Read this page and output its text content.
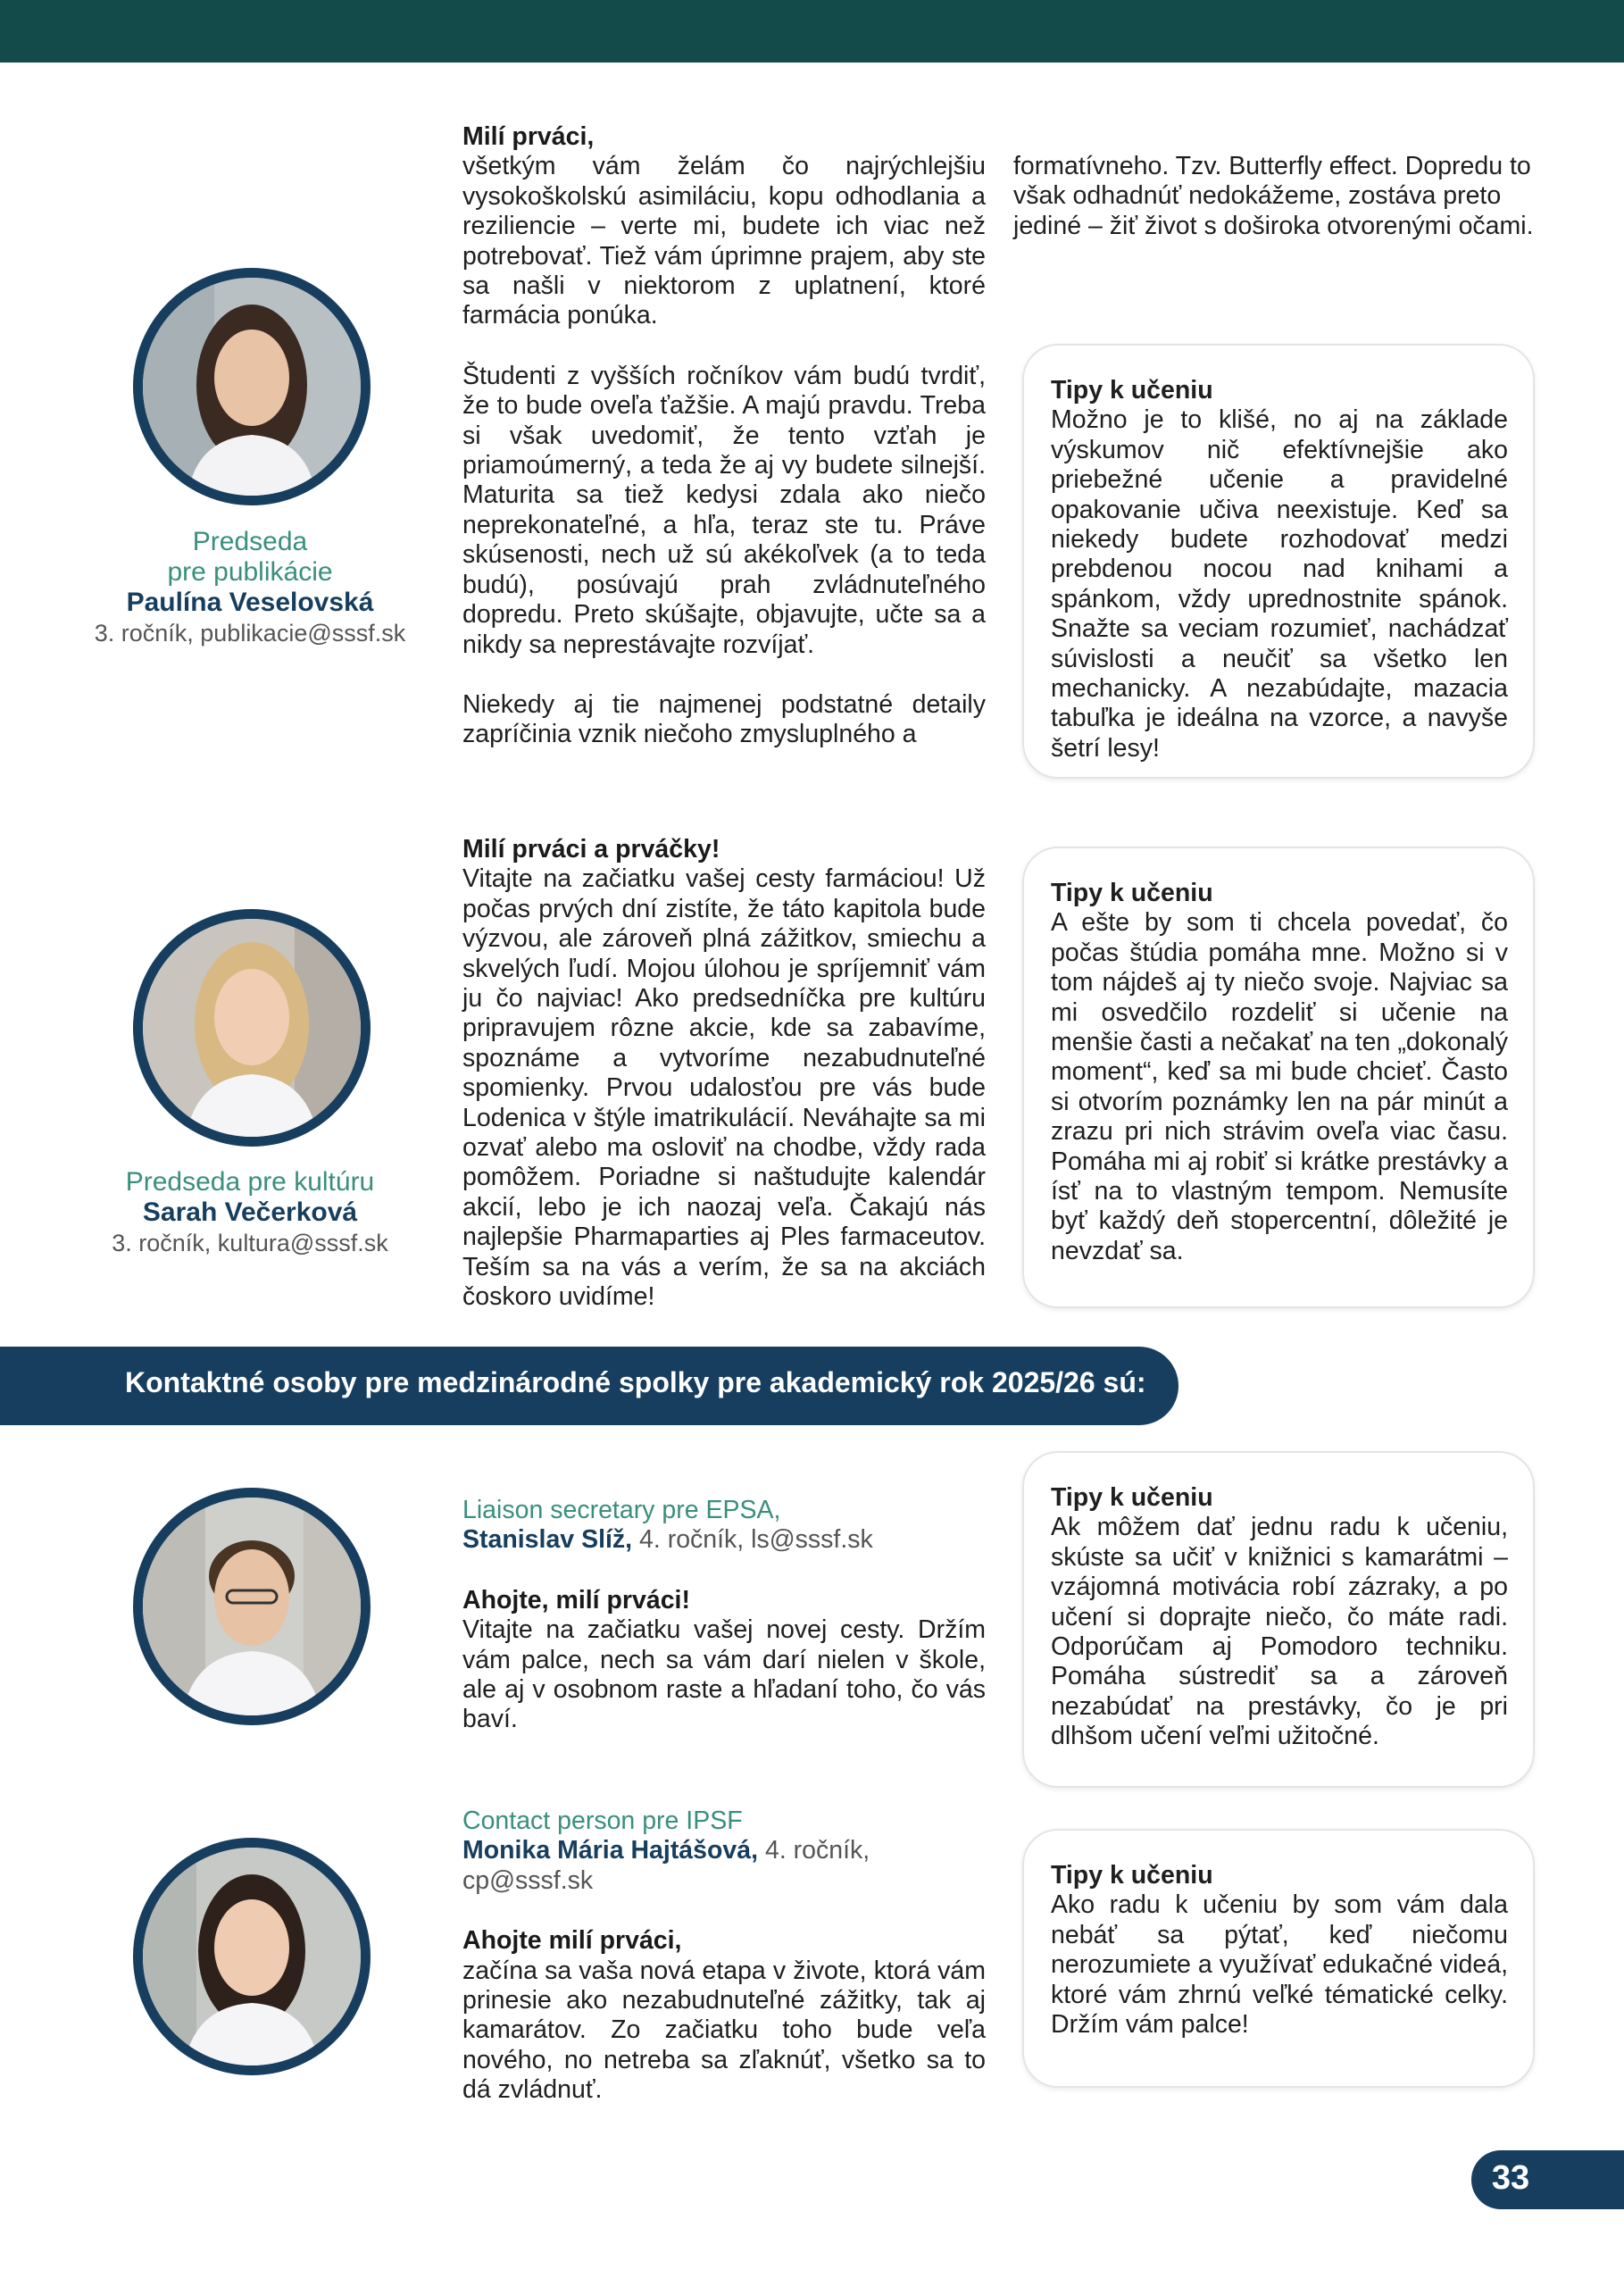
Predseda
pre publikácie
Paulína Veselovská
3. ročník, publikacie@sssf.sk

Milí prváci,

všetkým vám želám čo najrýchlejšiu vysokoškolskú asimiláciu, kopu odhodlania a reziliencie – verte mi, budete ich viac než potrebovať. Tiež vám úprimne prajem, aby ste sa našli v niektorom z uplatnení, ktoré farmácia ponúka.

Študenti z vyšších ročníkov vám budú tvrdiť, že to bude oveľa ťažšie. A majú pravdu. Treba si však uvedomiť, že tento vzťah je priamoúmerný, a teda že aj vy budete silnejší. Maturita sa tiež kedysi zdala ako niečo neprekonateľné, a hľa, teraz ste tu. Práve skúsenosti, nech už sú akékoľvek (a to teda budú), posúvajú prah zvládnuteľného dopredu. Preto skúšajte, objavujte, učte sa a nikdy sa neprestávajte rozvíjať.

Niekedy aj tie najmenej podstatné detaily zapríčinia vznik niečoho zmysluplného a

formatívneho. Tzv. Butterfly effect. Dopredu to však odhadnúť nedokážeme, zostáva preto jediné – žiť život s doširoka otvorenými očami.

Tipy k učeniu
Možno je to klišé, no aj na základe výskumov nič efektívnejšie ako priebežné učenie a pravidelné opakovanie učiva neexistuje. Keď sa niekedy budete rozhodovať medzi prebdenou nocou nad knihami a spánkom, vždy uprednostnite spánok. Snažte sa veciam rozumieť, nachádzať súvislosti a neučiť sa všetko len mechanicky. A nezabúdajte, mazacia tabuľka je ideálna na vzorce, a navyše šetrí lesy!
Predseda pre kultúru
Sarah Večerková
3. ročník, kultura@sssf.sk

Milí prváci a prváčky!

Vitajte na začiatku vašej cesty farmáciou! Už počas prvých dní zistíte, že táto kapitola bude výzvou, ale zároveň plná zážitkov, smiechu a skvelých ľudí. Mojou úlohou je spríjemniť vám ju čo najviac! Ako predsedníčka pre kultúru pripravujem rôzne akcie, kde sa zabavíme, spoznáme a vytvoríme nezabudnuteľné spomienky. Prvou udalosťou pre vás bude Lodenica v štýle imatrikulácií. Neváhajte sa mi ozvať alebo ma osloviť na chodbe, vždy rada pomôžem. Poriadne si naštudujte kalendár akcií, lebo je ich naozaj veľa. Čakajú nás najlepšie Pharmaparties aj Ples farmaceutov. Teším sa na vás a verím, že sa na akciách čoskoro uvidíme!

Tipy k učeniu
A ešte by som ti chcela povedať, čo počas štúdia pomáha mne. Možno si v tom nájdeš aj ty niečo svoje. Najviac sa mi osvedčilo rozdeliť si učenie na menšie časti a nečakať na ten „dokonalý moment“, keď sa mi bude chcieť. Často si otvorím poznámky len na pár minút a zrazu pri nich strávim oveľa viac času. Pomáha mi aj robiť si krátke prestávky a ísť na to vlastným tempom. Nemusíte byť každý deň stopercentní, dôležité je nevzdať sa.
Kontaktné osoby pre medzinárodné spolky pre akademický rok 2025/26 sú:

Liaison secretary pre EPSA,

Stanislav Slíž, 4. ročník, ls@sssf.sk

Ahojte, milí prváci!

Vitajte na začiatku vašej novej cesty. Držím vám palce, nech sa vám darí nielen v škole, ale aj v osobnom raste a hľadaní toho, čo vás baví.

Tipy k učeniu
Ak môžem dať jednu radu k učeniu, skúste sa učiť v knižnici s kamarátmi – vzájomná motivácia robí zázraky, a po učení si doprajte niečo, čo máte radi. Odporúčam aj Pomodoro techniku. Pomáha sústrediť sa a zároveň nezabúdať na prestávky, čo je pri dlhšom učení veľmi užitočné.

Contact person pre IPSF

Monika Mária Hajtášová, 4. ročník,

cp@sssf.sk

Ahojte milí prváci,

začína sa vaša nová etapa v živote, ktorá vám prinesie ako nezabudnuteľné zážitky, tak aj kamarátov. Zo začiatku toho bude veľa nového, no netreba sa zľaknúť, všetko sa to dá zvládnuť.

Tipy k učeniu
Ako radu k učeniu by som vám dala nebáť sa pýtať, keď niečomu nerozumiete a využívať edukačné videá, ktoré vám zhrnú veľké tématické celky. Držím vám palce!
33
